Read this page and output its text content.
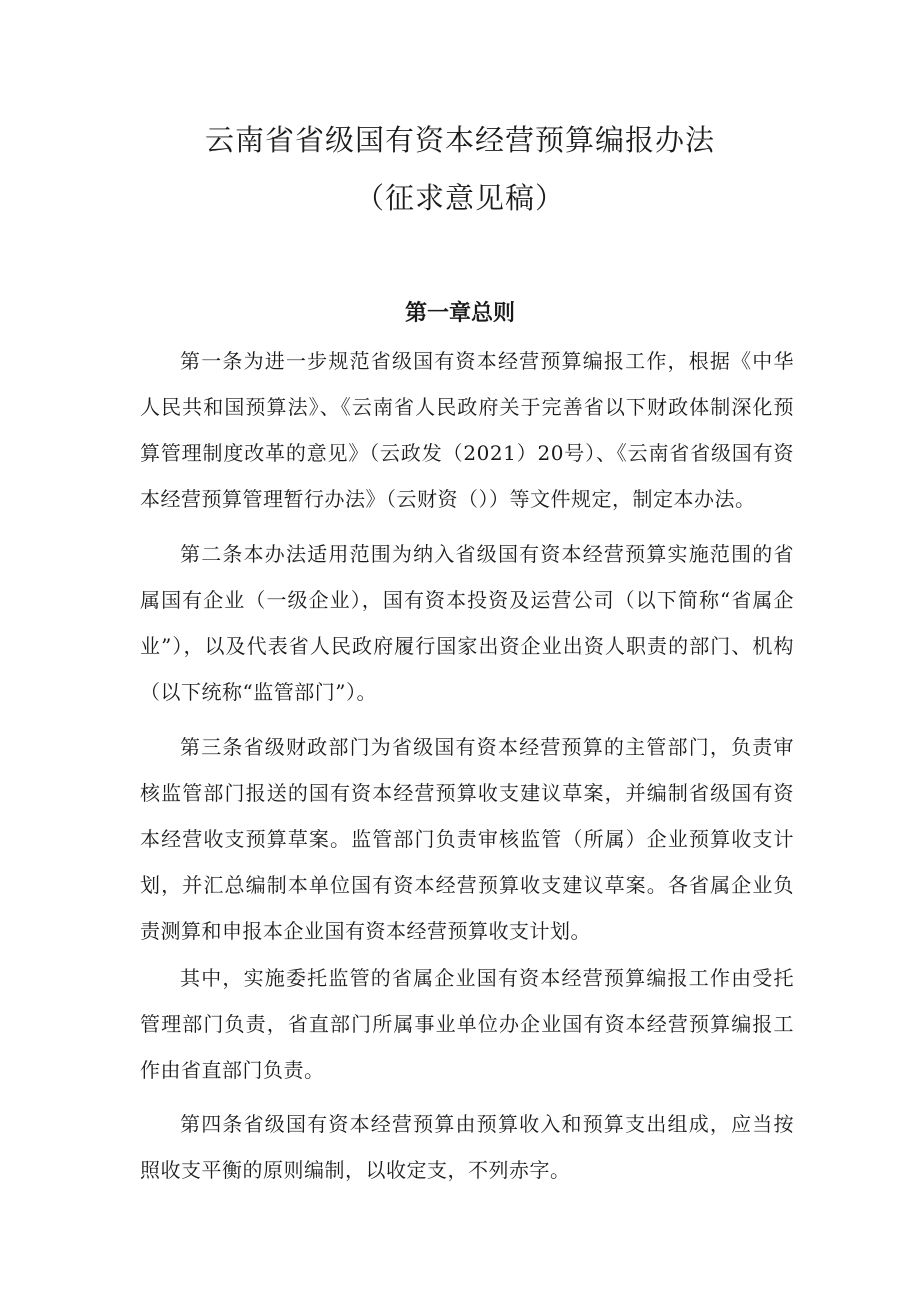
云南省省级国有资本经营预算编报办法
（征求意见稿）
第一章总则

第一条为进一步规范省级国有资本经营预算编报工作，根据《中华人民共和国预算法》、《云南省人民政府关于完善省以下财政体制深化预算管理制度改革的意见》（云政发（2021）20号）、《云南省省级国有资本经营预算管理暂行办法》（云财资（））等文件规定，制定本办法。

第二条本办法适用范围为纳入省级国有资本经营预算实施范围的省属国有企业（一级企业），国有资本投资及运营公司（以下简称“省属企业”），以及代表省人民政府履行国家出资企业出资人职责的部门、机构（以下统称“监管部门”）。

第三条省级财政部门为省级国有资本经营预算的主管部门，负责审核监管部门报送的国有资本经营预算收支建议草案，并编制省级国有资本经营收支预算草案。监管部门负责审核监管（所属）企业预算收支计划，并汇总编制本单位国有资本经营预算收支建议草案。各省属企业负责测算和申报本企业国有资本经营预算收支计划。

其中，实施委托监管的省属企业国有资本经营预算编报工作由受托管理部门负责，省直部门所属事业单位办企业国有资本经营预算编报工作由省直部门负责。

第四条省级国有资本经营预算由预算收入和预算支出组成，应当按照收支平衡的原则编制，以收定支，不列赤字。
